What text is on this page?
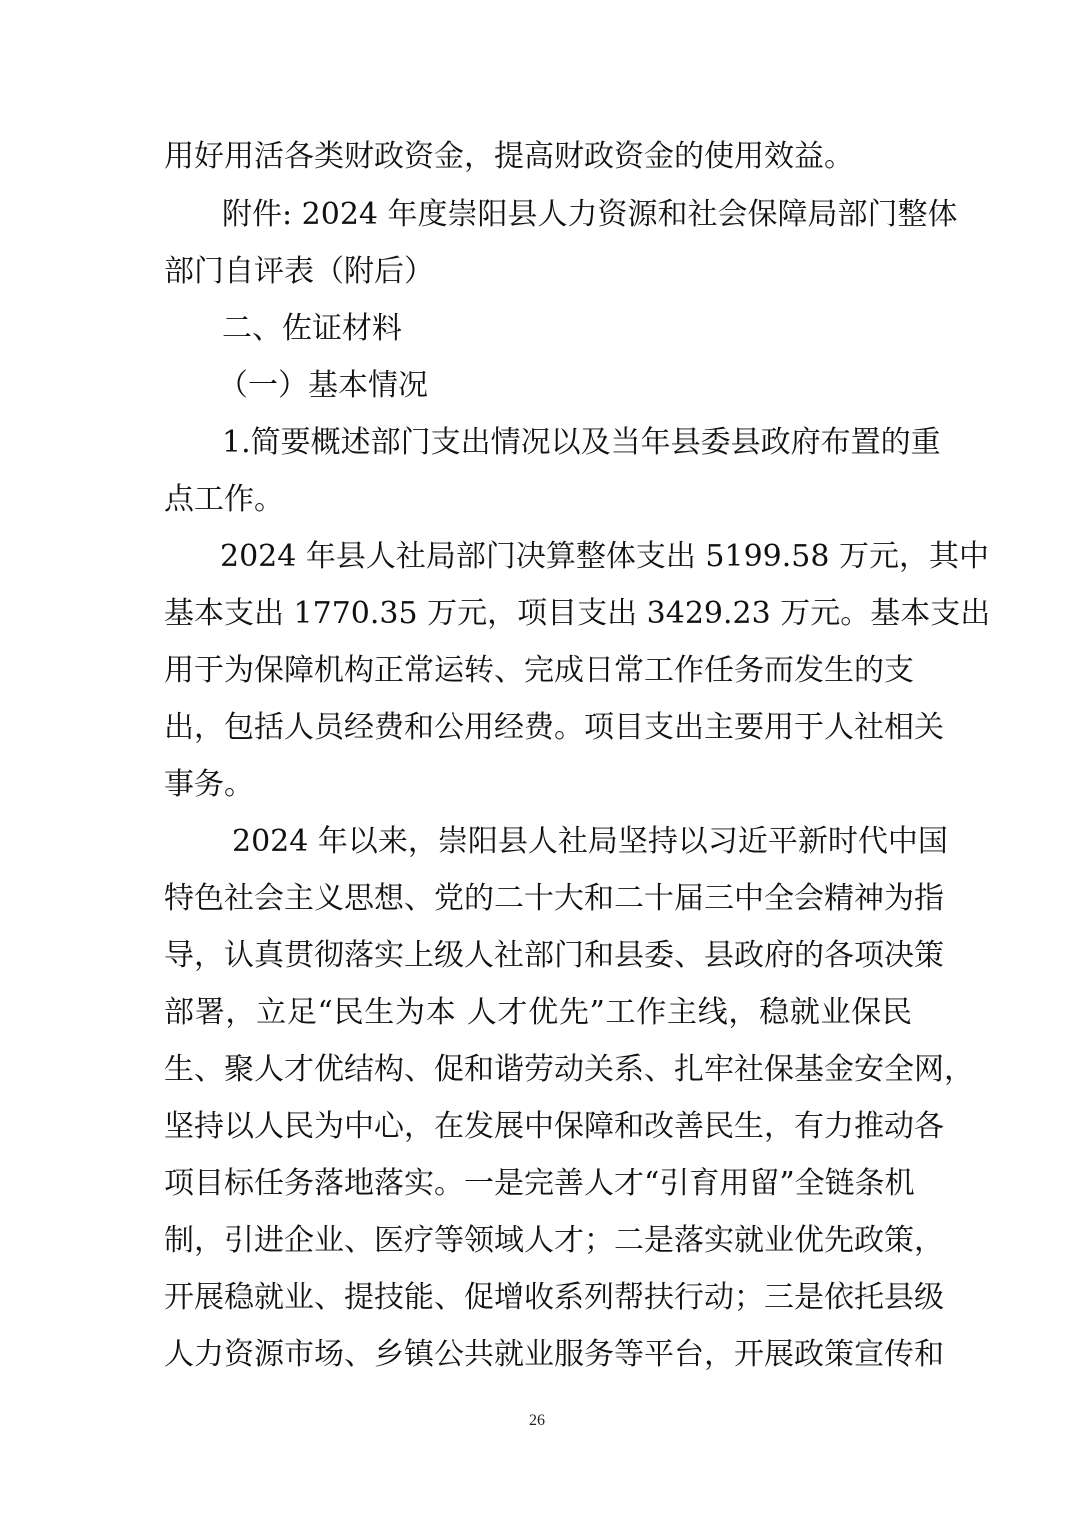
用好用活各类财政资金，提高财政资金的使用效益。
附件: 2024 年度崇阳县人力资源和社会保障局部门整体
部门自评表（附后）
二、佐证材料
（一）基本情况
1.简要概述部门支出情况以及当年县委县政府布置的重
点工作。
2024 年县人社局部门决算整体支出 5199.58 万元，其中
基本支出 1770.35 万元，项目支出 3429.23 万元。基本支出
用于为保障机构正常运转、完成日常工作任务而发生的支
出，包括人员经费和公用经费。项目支出主要用于人社相关
事务。
2024 年以来，崇阳县人社局坚持以习近平新时代中国
特色社会主义思想、党的二十大和二十届三中全会精神为指
导，认真贯彻落实上级人社部门和县委、县政府的各项决策
部署，立足“民生为本 人才优先”工作主线，稳就业保民
生、聚人才优结构、促和谐劳动关系、扎牢社保基金安全网，
坚持以人民为中心，在发展中保障和改善民生，有力推动各
项目标任务落地落实。一是完善人才“引育用留”全链条机
制，引进企业、医疗等领域人才；二是落实就业优先政策，
开展稳就业、提技能、促增收系列帮扶行动；三是依托县级
人力资源市场、乡镇公共就业服务等平台，开展政策宣传和
26
